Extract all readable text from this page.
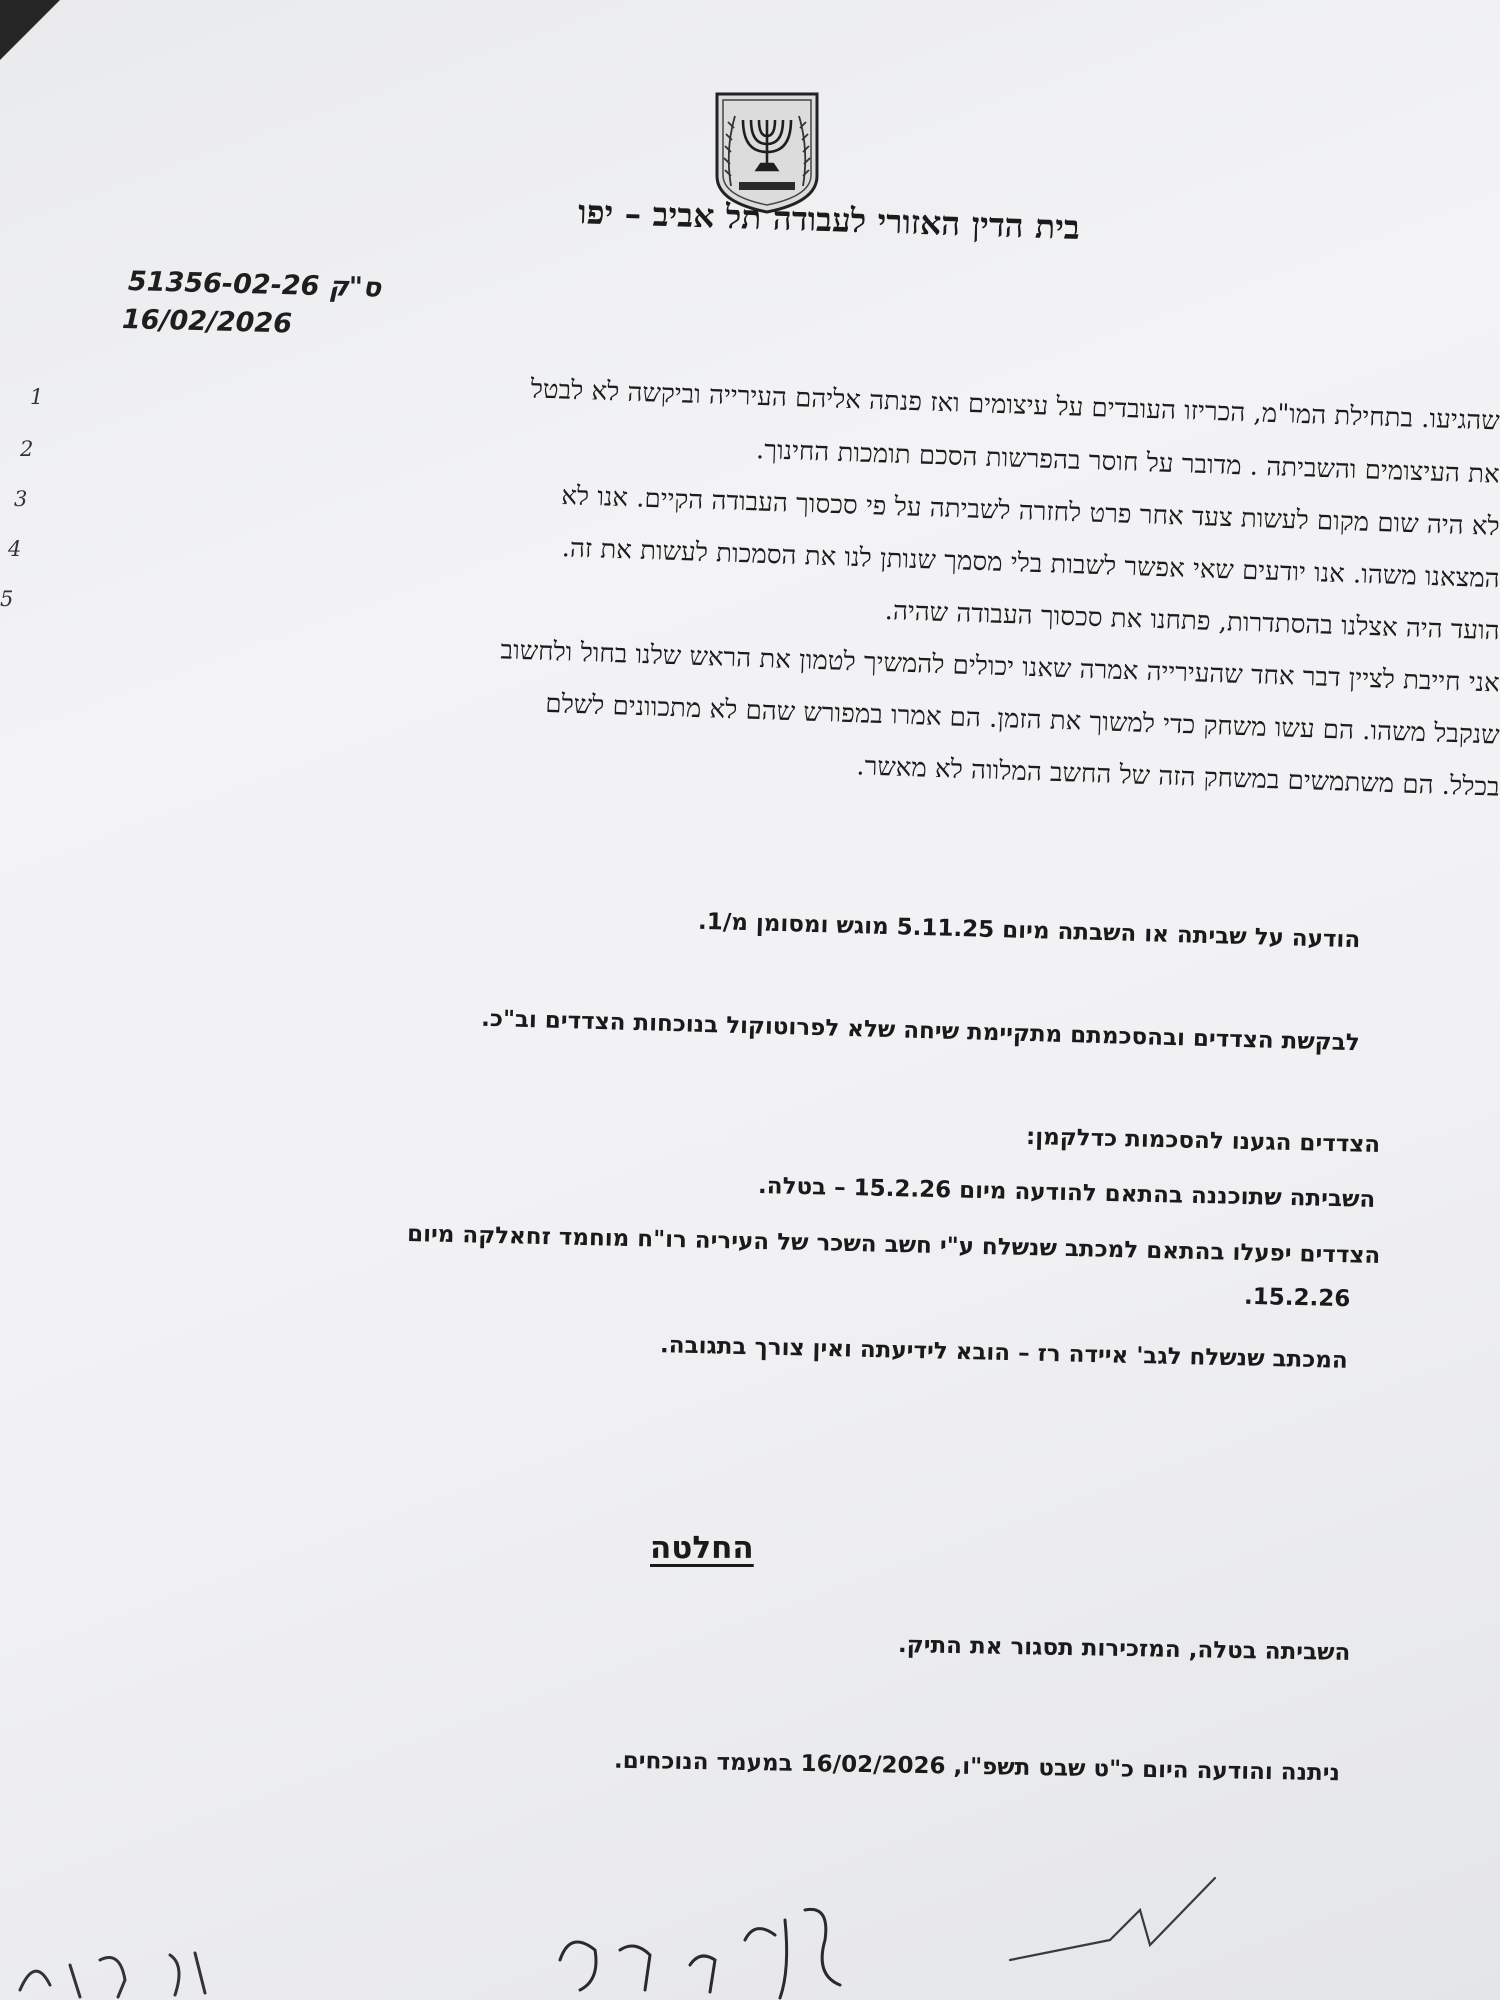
בית הדין האזורי לעבודה תל אביב – יפו
ס"ק 51356-02-26
16/02/2026
1
2
3
4
5
שהגיעו. בתחילת המו"מ, הכריזו העובדים על עיצומים ואז פנתה אליהם העירייה וביקשה לא לבטל
את העיצומים והשביתה . מדובר על חוסר בהפרשות הסכם תומכות החינוך.
לא היה שום מקום לעשות צעד אחר פרט לחזרה לשביתה על פי סכסוך העבודה הקיים. אנו לא
המצאנו משהו. אנו יודעים שאי אפשר לשבות בלי מסמך שנותן לנו את הסמכות לעשות את זה.
הועד היה אצלנו בהסתדרות, פתחנו את סכסוך העבודה שהיה.
אני חייבת לציין דבר אחד שהעירייה אמרה שאנו יכולים להמשיך לטמון את הראש שלנו בחול ולחשוב
שנקבל משהו. הם עשו משחק כדי למשוך את הזמן. הם אמרו במפורש שהם לא מתכוונים לשלם
בכלל. הם משתמשים במשחק הזה של החשב המלווה לא מאשר.
הודעה על שביתה או השבתה מיום 5.11.25 מוגש ומסומן מ/1.
לבקשת הצדדים ובהסכמתם מתקיימת שיחה שלא לפרוטוקול בנוכחות הצדדים וב"כ.
הצדדים הגענו להסכמות כדלקמן:
השביתה שתוכננה בהתאם להודעה מיום 15.2.26 – בטלה.
הצדדים יפעלו בהתאם למכתב שנשלח ע"י חשב השכר של העיריה רו"ח מוחמד זחאלקה מיום
15.2.26.
המכתב שנשלח לגב' איידה רז – הובא לידיעתה ואין צורך בתגובה.
החלטה
השביתה בטלה, המזכירות תסגור את התיק.
ניתנה והודעה היום כ"ט שבט תשפ"ו, 16/02/2026 במעמד הנוכחים.
